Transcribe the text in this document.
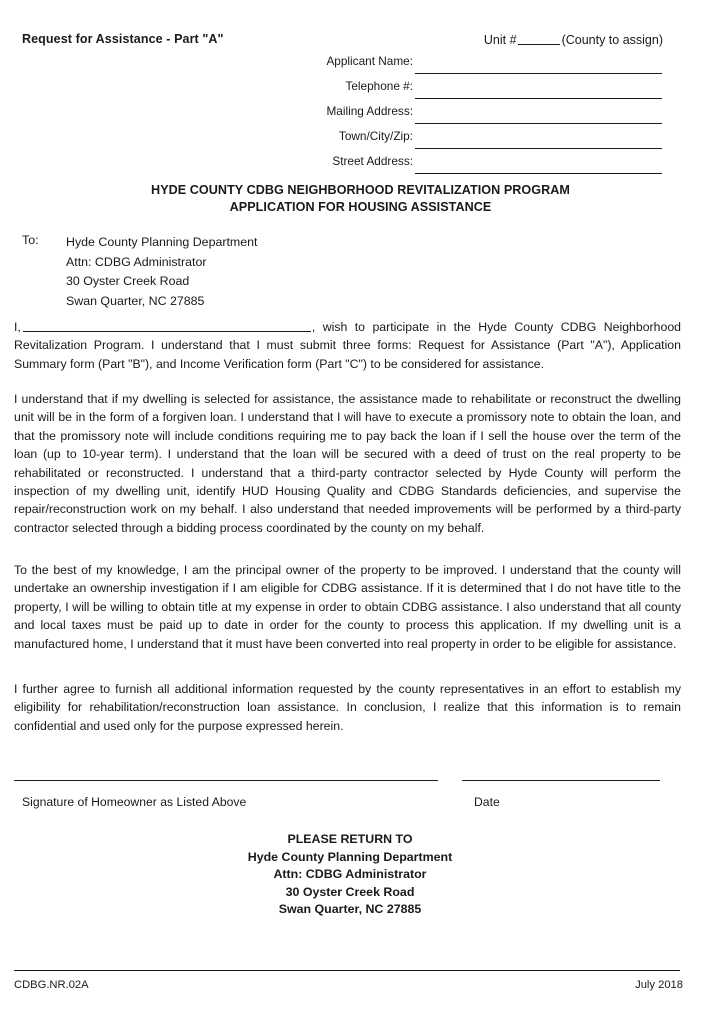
Request for Assistance - Part "A"	Unit #	(County to assign)
Applicant Name:
Telephone #:
Mailing Address:
Town/City/Zip:
Street Address:
HYDE COUNTY CDBG NEIGHBORHOOD REVITALIZATION PROGRAM
APPLICATION FOR HOUSING ASSISTANCE
To: Hyde County Planning Department
Attn: CDBG Administrator
30 Oyster Creek Road
Swan Quarter, NC 27885
I,	, wish to participate in the Hyde County CDBG Neighborhood Revitalization Program. I understand that I must submit three forms: Request for Assistance (Part "A"), Application Summary form (Part "B"), and Income Verification form (Part "C") to be considered for assistance.
I understand that if my dwelling is selected for assistance, the assistance made to rehabilitate or reconstruct the dwelling unit will be in the form of a forgiven loan. I understand that I will have to execute a promissory note to obtain the loan, and that the promissory note will include conditions requiring me to pay back the loan if I sell the house over the term of the loan (up to 10-year term). I understand that the loan will be secured with a deed of trust on the real property to be rehabilitated or reconstructed. I understand that a third-party contractor selected by Hyde County will perform the inspection of my dwelling unit, identify HUD Housing Quality and CDBG Standards deficiencies, and supervise the repair/reconstruction work on my behalf. I also understand that needed improvements will be performed by a third-party contractor selected through a bidding process coordinated by the county on my behalf.
To the best of my knowledge, I am the principal owner of the property to be improved. I understand that the county will undertake an ownership investigation if I am eligible for CDBG assistance. If it is determined that I do not have title to the property, I will be willing to obtain title at my expense in order to obtain CDBG assistance. I also understand that all county and local taxes must be paid up to date in order for the county to process this application. If my dwelling unit is a manufactured home, I understand that it must have been converted into real property in order to be eligible for assistance.
I further agree to furnish all additional information requested by the county representatives in an effort to establish my eligibility for rehabilitation/reconstruction loan assistance. In conclusion, I realize that this information is to remain confidential and used only for the purpose expressed herein.
Signature of Homeowner as Listed Above	Date
PLEASE RETURN TO
Hyde County Planning Department
Attn: CDBG Administrator
30 Oyster Creek Road
Swan Quarter, NC 27885
CDBG.NR.02A	July 2018
